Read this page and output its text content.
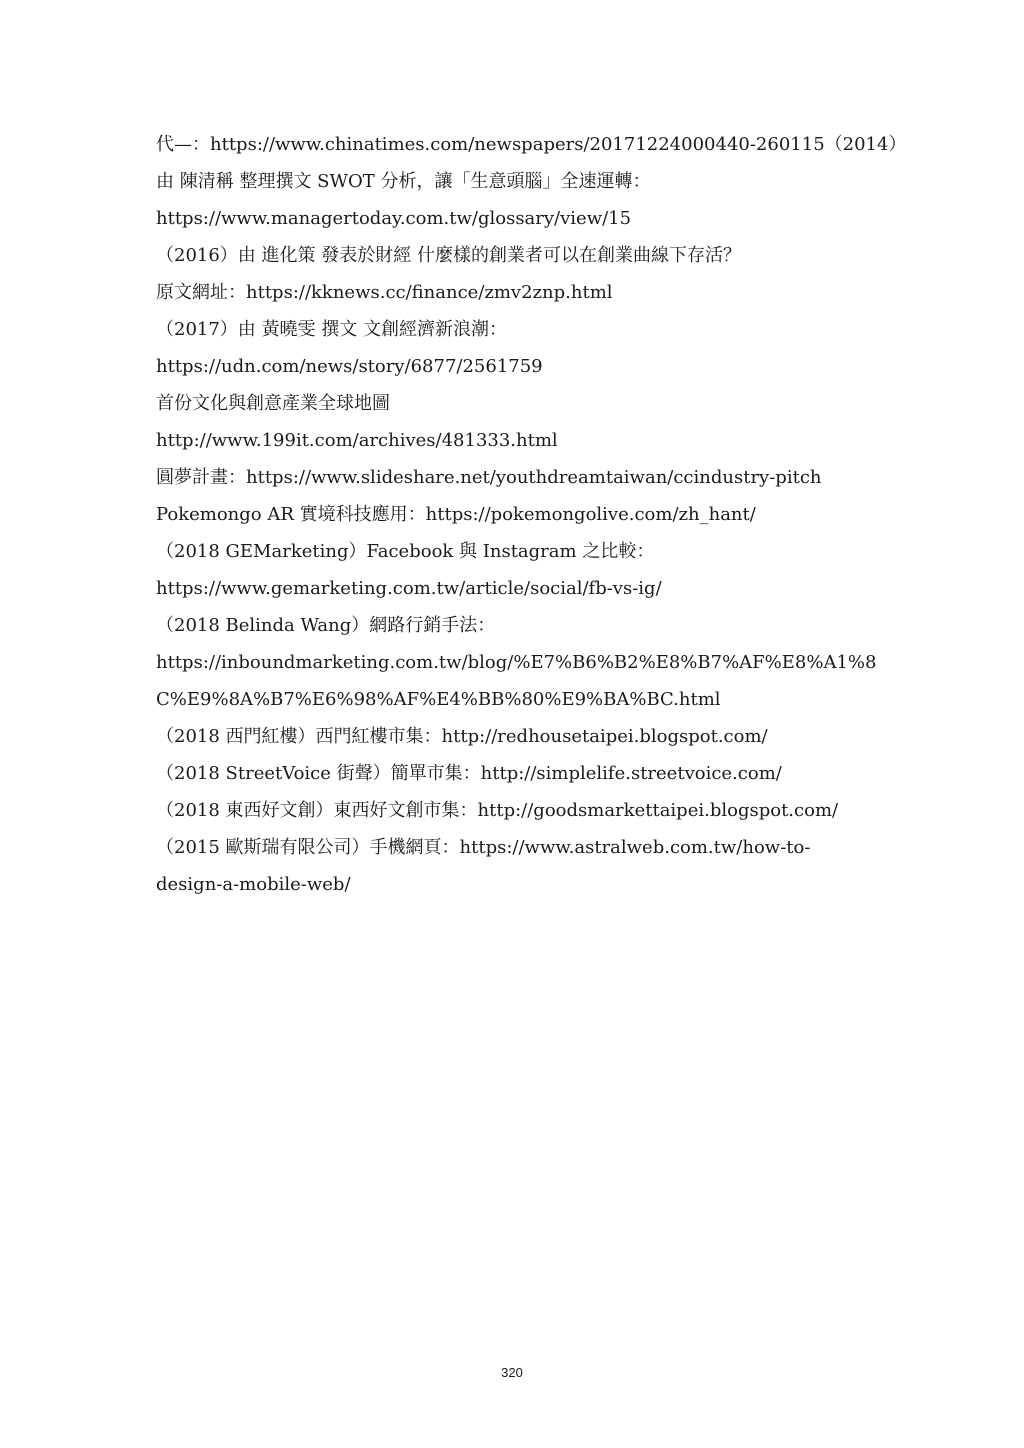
代—：https://www.chinatimes.com/newspapers/20171224000440-260115（2014）
由 陳清稱 整理撰文 SWOT 分析，讓「生意頭腦」全速運轉：
https://www.managertoday.com.tw/glossary/view/15
（2016）由 進化策 發表於財經 什麼樣的創業者可以在創業曲線下存活？
原文網址：https://kknews.cc/finance/zmv2znp.html
（2017）由 黃曉雯 撰文 文創經濟新浪潮：
https://udn.com/news/story/6877/2561759
首份文化與創意產業全球地圖
http://www.199it.com/archives/481333.html
圓夢計畫：https://www.slideshare.net/youthdreamtaiwan/ccindustry-pitch
Pokemongo AR 實境科技應用：https://pokemongolive.com/zh_hant/
（2018 GEMarketing）Facebook 與 Instagram 之比較：
https://www.gemarketing.com.tw/article/social/fb-vs-ig/
（2018 Belinda Wang）網路行銷手法：
https://inboundmarketing.com.tw/blog/%E7%B6%B2%E8%B7%AF%E8%A1%8
C%E9%8A%B7%E6%98%AF%E4%BB%80%E9%BA%BC.html
（2018 西門紅樓）西門紅樓市集：http://redhousetaipei.blogspot.com/
（2018 StreetVoice 街聲）簡單市集：http://simplelife.streetvoice.com/
（2018 東西好文創）東西好文創市集：http://goodsmarkettaipei.blogspot.com/
（2015 歐斯瑞有限公司）手機網頁：https://www.astralweb.com.tw/how-to-
design-a-mobile-web/
320
